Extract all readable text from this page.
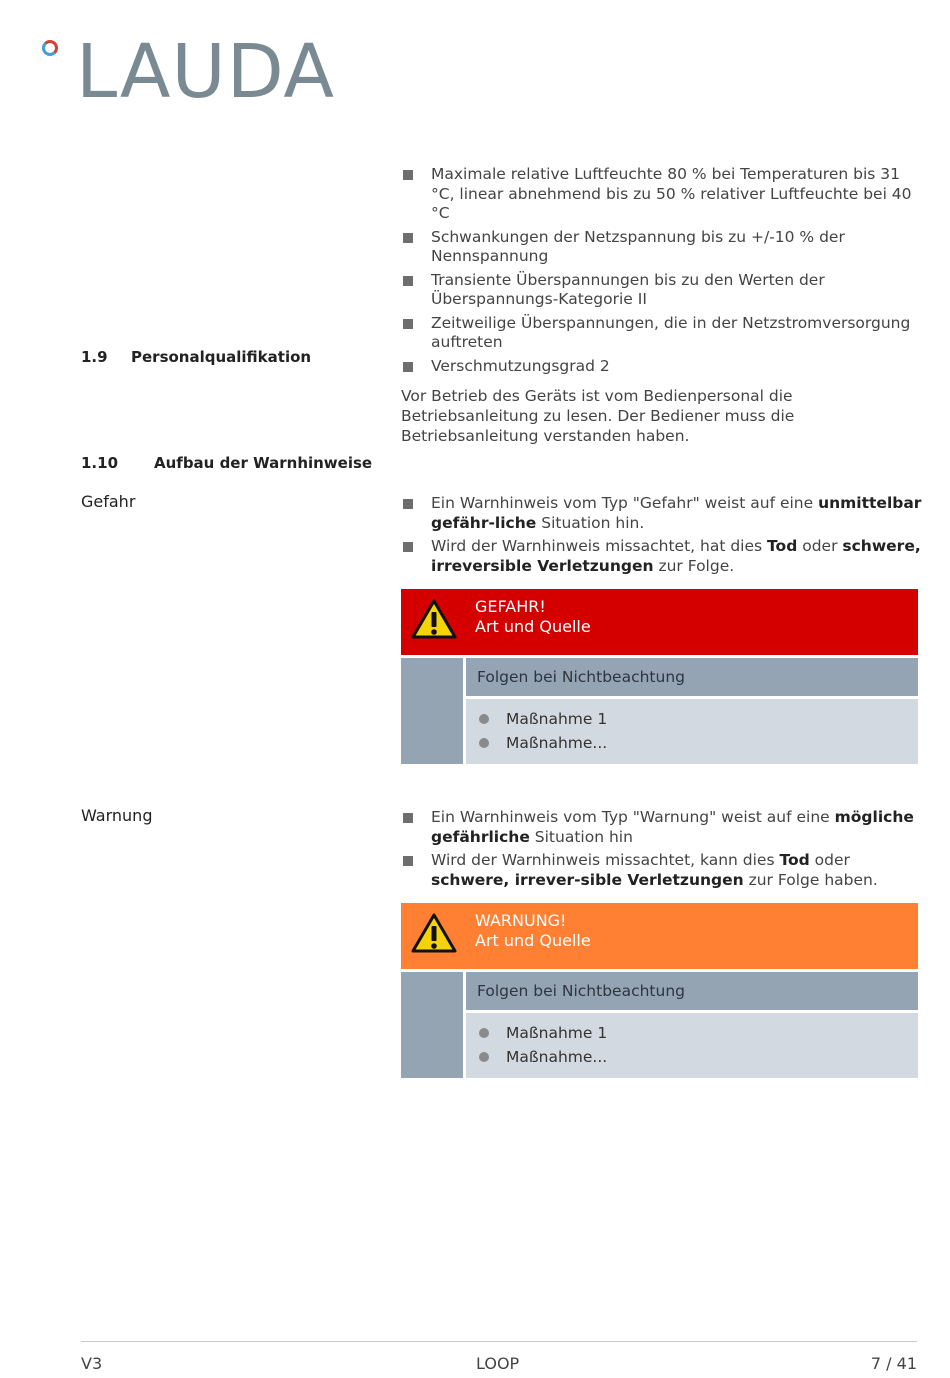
LAUDA
Maximale relative Luftfeuchte 80 % bei Temperaturen bis 31 °C, linear abnehmend bis zu 50 % relativer Luftfeuchte bei 40 °C
Schwankungen der Netzspannung bis zu +/-10 % der Nennspannung
Transiente Überspannungen bis zu den Werten der Überspannungs-Kategorie II
Zeitweilige Überspannungen, die in der Netzstromversorgung auftreten
Verschmutzungsgrad 2
1.9 Personalqualifikation
Vor Betrieb des Geräts ist vom Bedienpersonal die Betriebsanleitung zu lesen. Der Bediener muss die Betriebsanleitung verstanden haben.
1.10 Aufbau der Warnhinweise
Gefahr	Ein Warnhinweis vom Typ "Gefahr" weist auf eine unmittelbar gefähr-liche Situation hin.
Wird der Warnhinweis missachtet, hat dies Tod oder schwere, irreversible Verletzungen zur Folge.
GEFAHR!
Art und Quelle
Folgen bei Nichtbeachtung
Maßnahme 1
Maßnahme...
Warnung	Ein Warnhinweis vom Typ "Warnung" weist auf eine mögliche gefährliche Situation hin
Wird der Warnhinweis missachtet, kann dies Tod oder schwere, irrever-sible Verletzungen zur Folge haben.
WARNUNG!
Art und Quelle
Folgen bei Nichtbeachtung
Maßnahme 1
Maßnahme...
V3	LOOP	7 / 41
